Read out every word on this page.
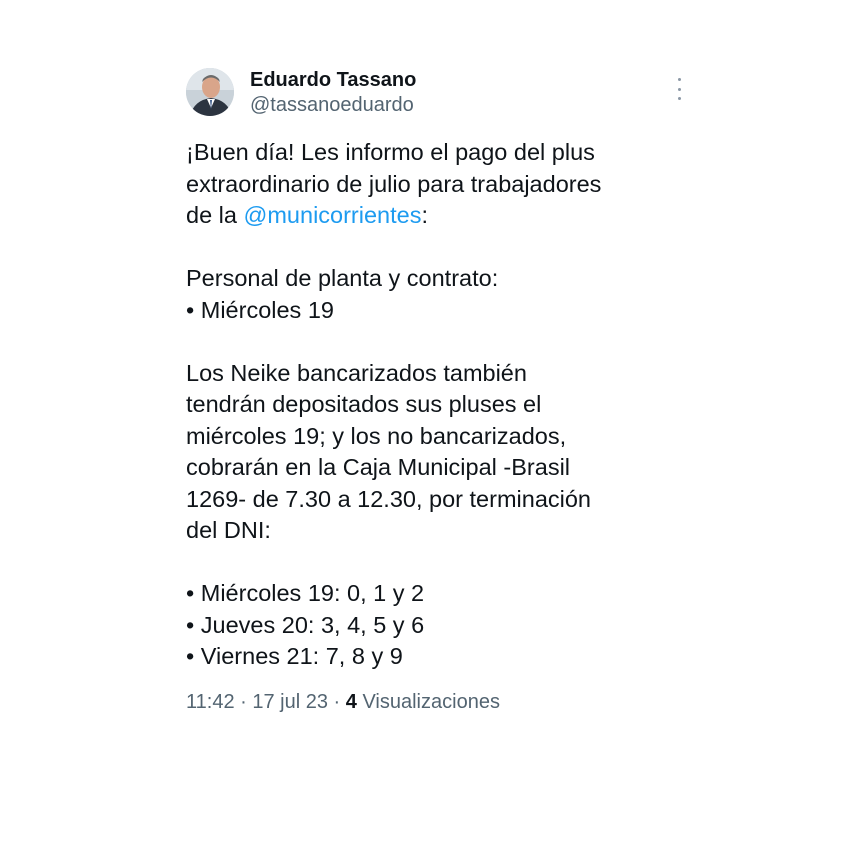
Eduardo Tassano
@tassanoeduardo
¡Buen día! Les informo el pago del plus
extraordinario de julio para trabajadores
de la @municorrientes:
Personal de planta y contrato:
• Miércoles 19
Los Neike bancarizados también
tendrán depositados sus pluses el
miércoles 19; y los no bancarizados,
cobrarán en la Caja Municipal -Brasil
1269- de 7.30 a 12.30, por terminación
del DNI:
• Miércoles 19: 0, 1 y 2
• Jueves 20: 3, 4, 5 y 6
• Viernes 21: 7, 8 y 9
11:42 · 17 jul 23 · 4 Visualizaciones
